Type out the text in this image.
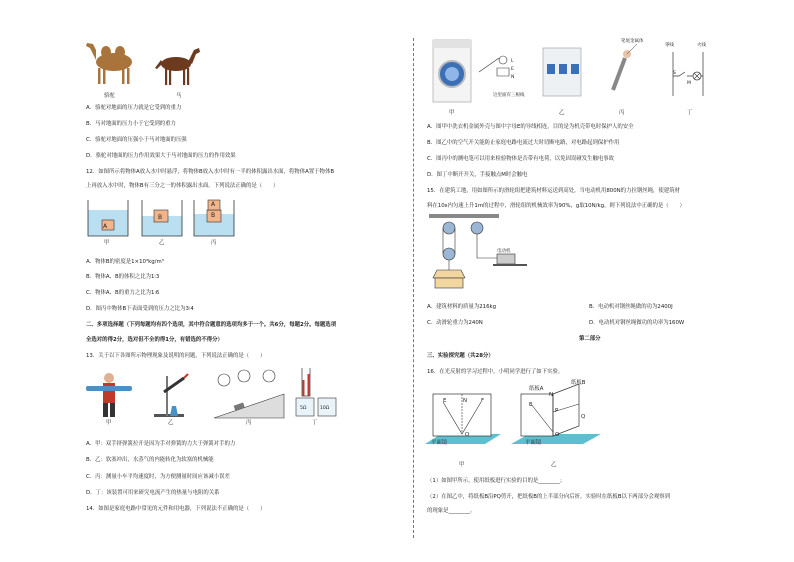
骆驼	马
A．骆驼对地面的压力就是它受到的重力
B．马对地面的压力小于它受到的重力
C．骆驼对地面的压强小于马对地面的压强
D．骆驼对地面的压力作用效果大于马对地面的压力的作用效果
12．如图所示将物体A放入水中时悬浮，将物体B放入水中时有一半的体积露出水面，将物体A置于物体B
上再放入水中时，物体B有三分之一的体积露出水面。下列说法正确的是（　　）
A
B	B
A
甲	乙	丙
A．物体B的密度是1×10³kg/m³
B．物体A、B的体积之比为1∶3
C．物体A、B的重力之比为1∶6
D．图丙中物体B下表面受到的压力之比为3∶4
二、多项选择题（下列每题均有四个选项，其中符合题意的选项均多于一个。共6分，每题2分。每题选项
全选对的得2分，选对但不全的得1分，有错选的不得分）
13．关于以下各图所示物理现象及说明的问题，下列说法正确的是（　　）
甲	乙	丙	丁
5Ω	10Ω
A．甲：双手挤弹簧拉开是因为手对弹簧的力大于弹簧对手的力
B．乙：软塞冲出，水蒸气的内能转化为软塞的机械能
C．丙：测量小车平均速度时，为方便测量时间应该减小误差
D．丁：该装置可用来研究电流产生的热量与电阻的关系
14．如图是家庭电路中常见的元件和用电器，下列说法不正确的是（　　）
这里面有三根线
L
E
N
笔尾金属体
零线	火线
S
M
甲	乙	丙	丁
A．图甲中洗衣机金属外壳与图中字母E的导线相连，目的是为机壳带电时保护人的安全
B．图乙中的空气开关能防止家庭电路电流过大时切断电路，对电路起到保护作用
C．图丙中的测电笔可以用来检验物体是否带有电荷，以免因误碰发生触电事故
D．图丁中断开开关，手接触点M时会触电
15．在建筑工地，用如图所示的滑轮组把建筑材料运送到高处。当电动机用800N的力拉钢丝绳，使建筑材
料在10s内匀速上升1m的过程中，滑轮组的机械效率为90%，g取10N/kg。则下列说法中正确的是（　　）
电动机
A．建筑材料的质量为216kg	B．电动机对钢丝绳做的功为2400J
C．动滑轮重力为240N	D．电动机对钢丝绳做功的功率为160W
第二部分
三、实验探究题（共28分）
16．在光反射的学习过程中，小明同学进行了如下实验。
E	N	F
O
平面镜
纸板A
纸板B
E
N
P
Q
O
平面镜
甲	乙
（1）如图甲所示，使用纸板进行实验的目的是________；
（2）在图乙中，将纸板B沿PQ剪开，把纸板B的上半部分向后折。实验时在纸板B以下两部分会观察到
的现象是________。
